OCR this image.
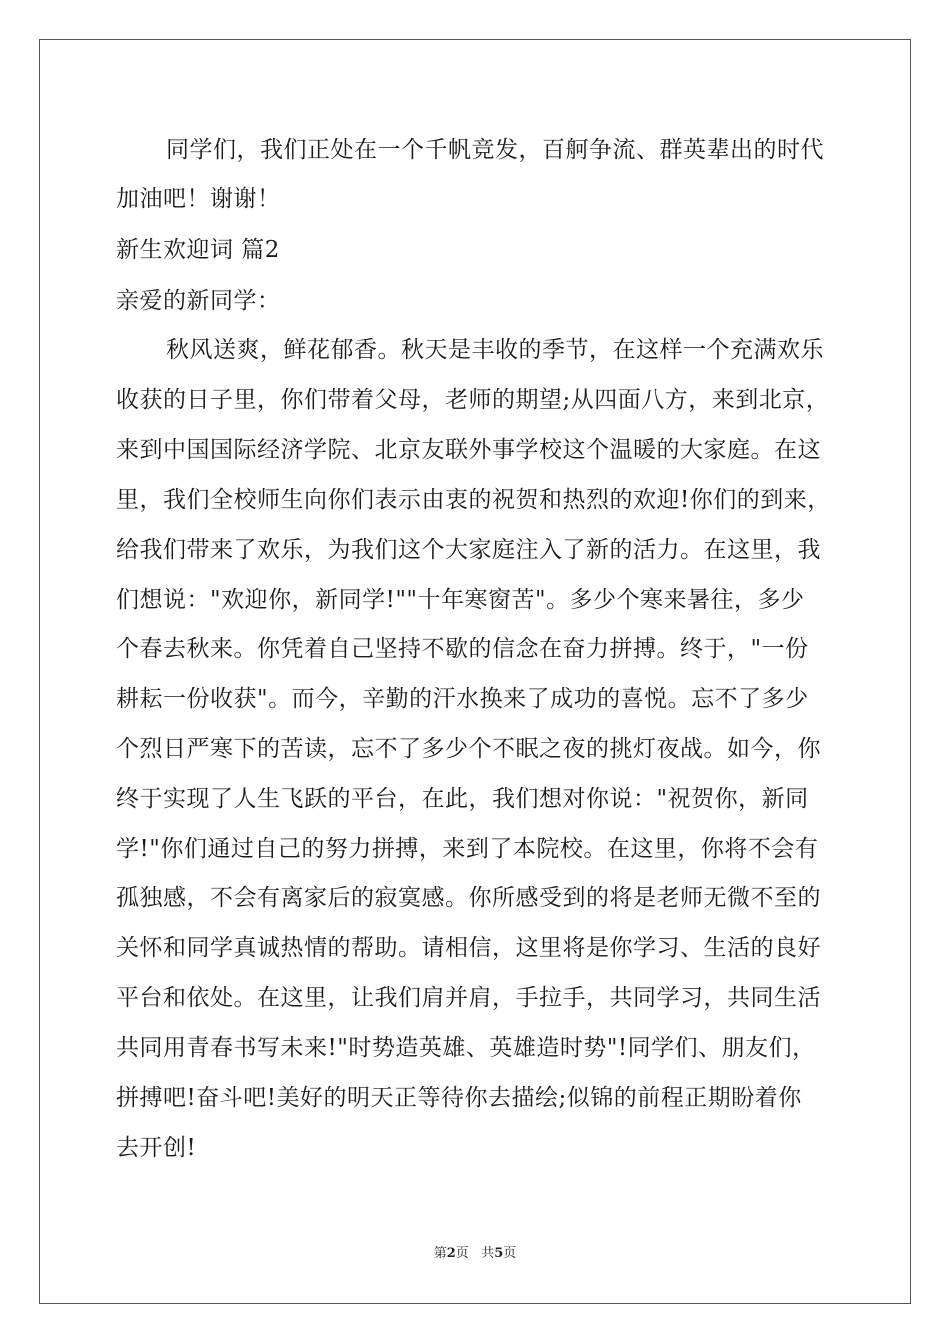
同学们，我们正处在一个千帆竞发，百舸争流、群英辈出的时代
加油吧！谢谢！
新生欢迎词 篇2
亲爱的新同学：
秋风送爽，鲜花郁香。秋天是丰收的季节，在这样一个充满欢乐
收获的日子里，你们带着父母，老师的期望;从四面八方，来到北京，
来到中国国际经济学院、北京友联外事学校这个温暖的大家庭。在这
里，我们全校师生向你们表示由衷的祝贺和热烈的欢迎!你们的到来，
给我们带来了欢乐，为我们这个大家庭注入了新的活力。在这里，我
们想说："欢迎你，新同学!""十年寒窗苦"。多少个寒来暑往，多少
个春去秋来。你凭着自己坚持不歇的信念在奋力拼搏。终于，"一份
耕耘一份收获"。而今，辛勤的汗水换来了成功的喜悦。忘不了多少
个烈日严寒下的苦读，忘不了多少个不眠之夜的挑灯夜战。如今，你
终于实现了人生飞跃的平台，在此，我们想对你说："祝贺你，新同
学!"你们通过自己的努力拼搏，来到了本院校。在这里，你将不会有
孤独感，不会有离家后的寂寞感。你所感受到的将是老师无微不至的
关怀和同学真诚热情的帮助。请相信，这里将是你学习、生活的良好
平台和依处。在这里，让我们肩并肩，手拉手，共同学习，共同生活
共同用青春书写未来!"时势造英雄、英雄造时势"!同学们、朋友们，
拼搏吧!奋斗吧!美好的明天正等待你去描绘;似锦的前程正期盼着你
去开创!
第2页 共5页
